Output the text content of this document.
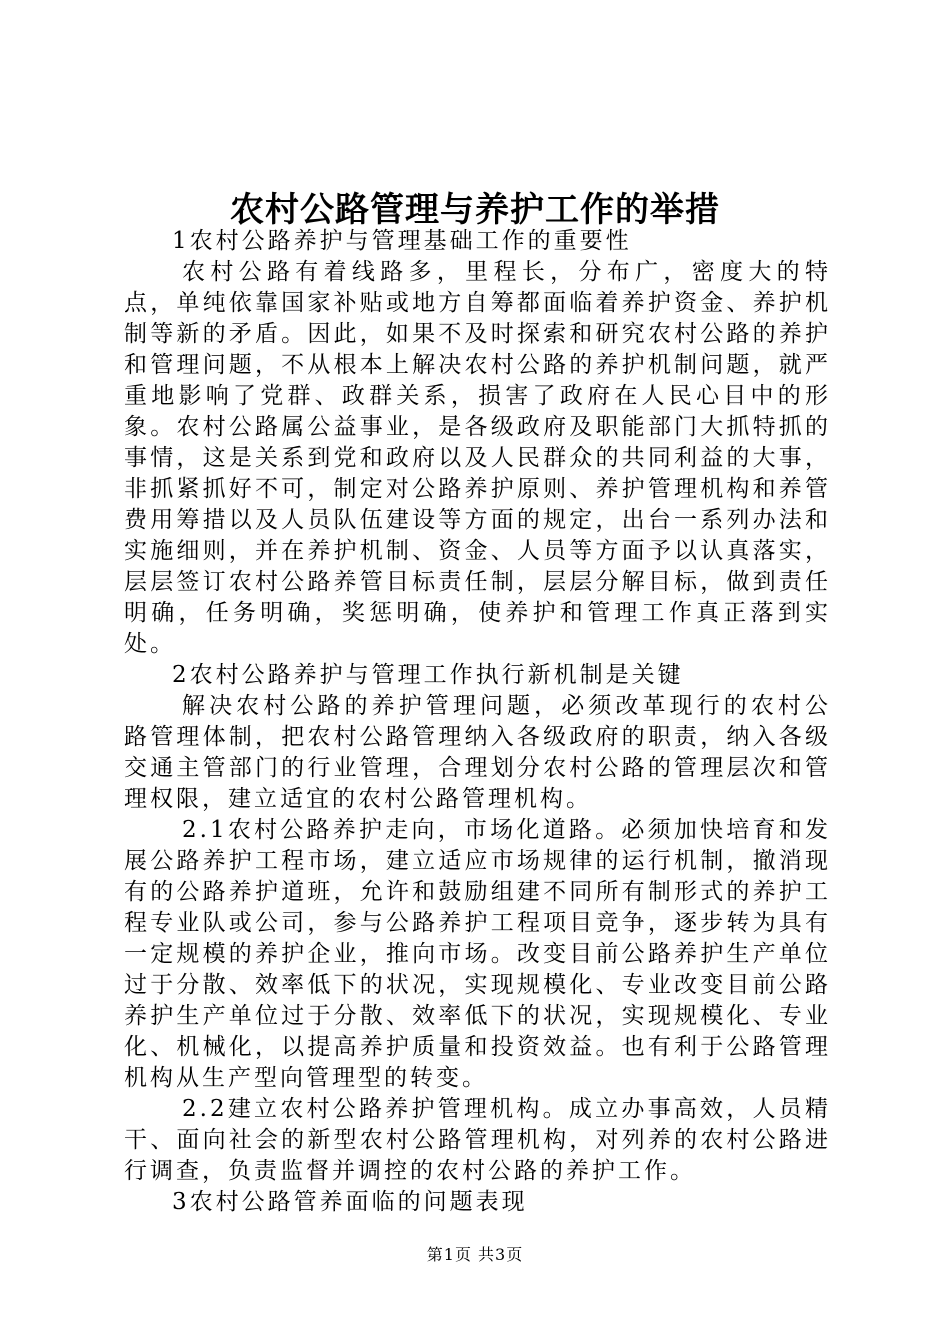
农村公路管理与养护工作的举措

1农村公路养护与管理基础工作的重要性

农村公路有着线路多，里程长，分布广，密度大的特点，单纯依靠国家补贴或地方自筹都面临着养护资金、养护机制等新的矛盾。因此，如果不及时探索和研究农村公路的养护和管理问题，不从根本上解决农村公路的养护机制问题，就严重地影响了党群、政群关系，损害了政府在人民心目中的形象。农村公路属公益事业，是各级政府及职能部门大抓特抓的事情，这是关系到党和政府以及人民群众的共同利益的大事，非抓紧抓好不可，制定对公路养护原则、养护管理机构和养管费用筹措以及人员队伍建设等方面的规定，出台一系列办法和实施细则，并在养护机制、资金、人员等方面予以认真落实，层层签订农村公路养管目标责任制，层层分解目标，做到责任明确，任务明确，奖惩明确，使养护和管理工作真正落到实处。

2农村公路养护与管理工作执行新机制是关键

解决农村公路的养护管理问题，必须改革现行的农村公路管理体制，把农村公路管理纳入各级政府的职责，纳入各级交通主管部门的行业管理，合理划分农村公路的管理层次和管理权限，建立适宜的农村公路管理机构。

2.1农村公路养护走向，市场化道路。必须加快培育和发展公路养护工程市场，建立适应市场规律的运行机制，撤消现有的公路养护道班，允许和鼓励组建不同所有制形式的养护工程专业队或公司，参与公路养护工程项目竞争，逐步转为具有一定规模的养护企业，推向市场。改变目前公路养护生产单位过于分散、效率低下的状况，实现规模化、专业改变目前公路养护生产单位过于分散、效率低下的状况，实现规模化、专业化、机械化，以提高养护质量和投资效益。也有利于公路管理机构从生产型向管理型的转变。

2.2建立农村公路养护管理机构。成立办事高效，人员精干、面向社会的新型农村公路管理机构，对列养的农村公路进行调查，负责监督并调控的农村公路的养护工作。

3农村公路管养面临的问题表现

第1页 共3页
